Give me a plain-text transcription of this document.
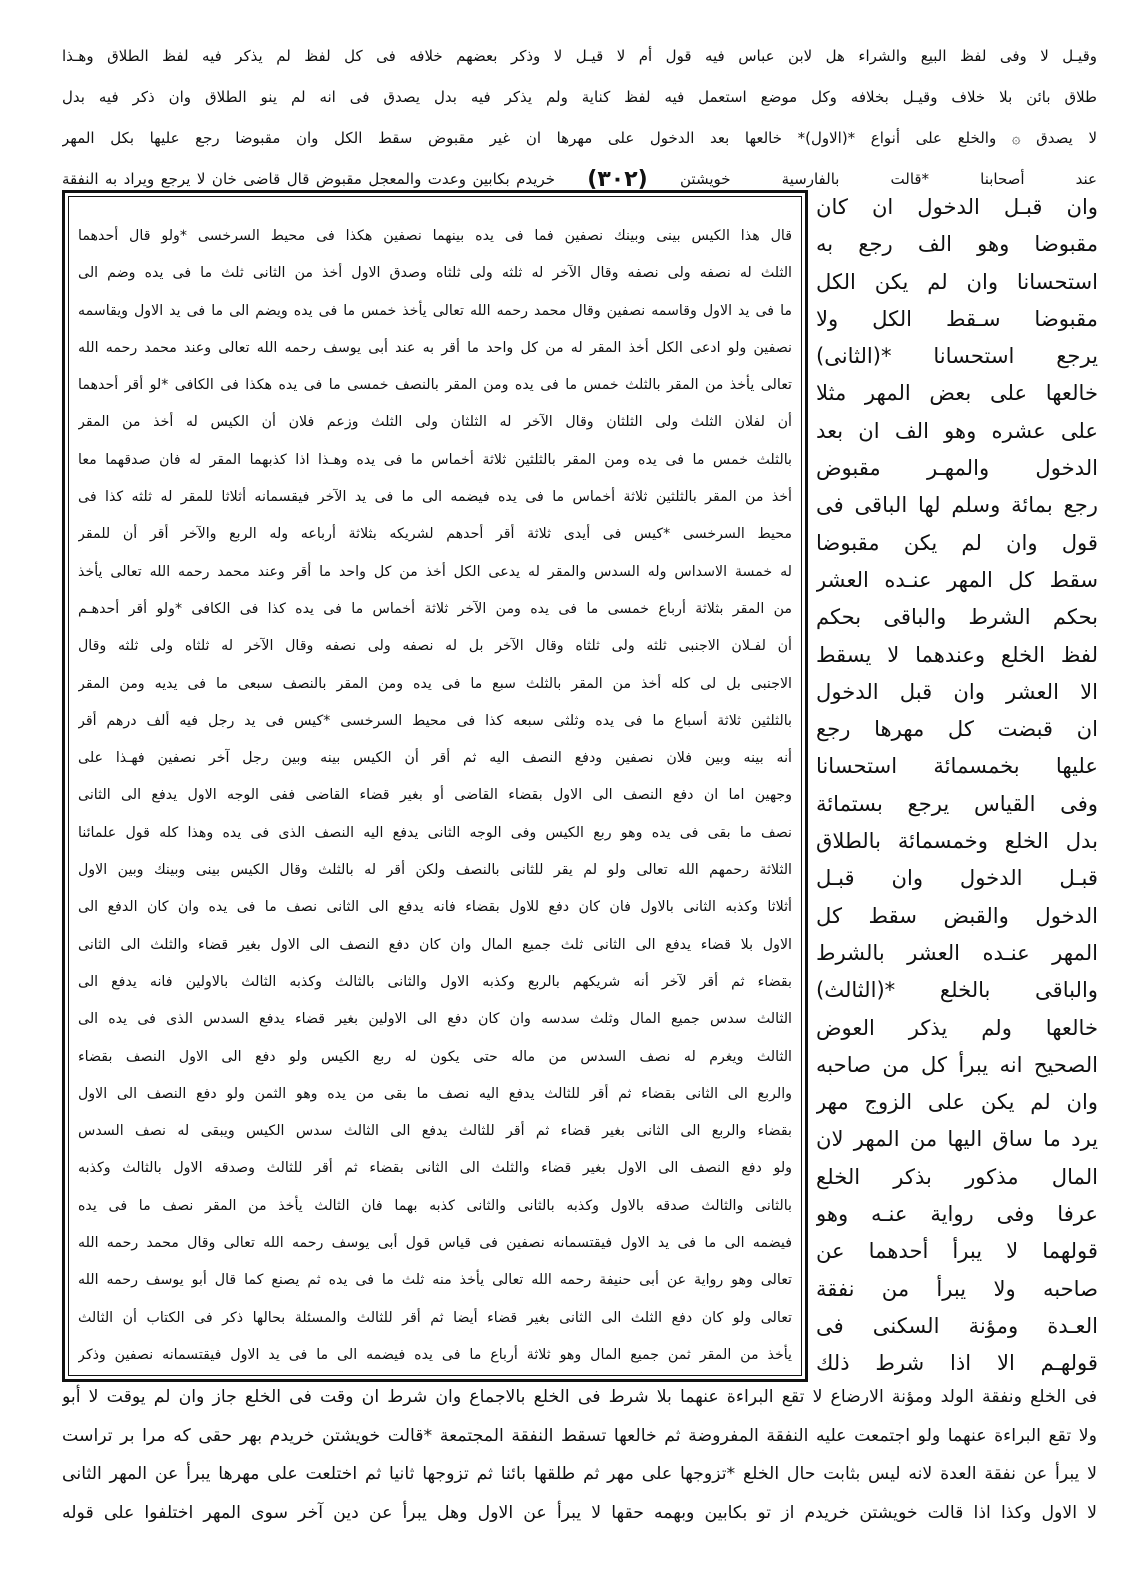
وقيـل لا وفى لفظ البيع والشراء هل لابن عباس فيه قول أم لا قيـل لا وذكر بعضهم خلافه فى كل لفظ لم يذكر فيه لفظ الطلاق وهـذا
طلاق بائن بلا خلاف وقيـل بخلافه وكل موضع استعمل فيه لفظ كناية ولم يذكر فيه بدل يصدق فى انه لم ينو الطلاق وان ذكر فيه بدل
لا يصدق ۞ والخلع على أنواع *(الاول)* خالعها بعد الدخول على مهرها ان غير مقبوض سقط الكل وان مقبوضا رجع عليها بكل المهر
عند أصحابنا *قالت بالفارسية خويشتن
(٣٠٢)
خريدم بكابين وعدت والمعجل مقبوض قال قاضى خان لا يرجع ويراد به النفقة
قال هذا الكيس بينى وبينك نصفين فما فى يده بينهما نصفين هكذا فى محيط السرخسى *ولو قال أحدهما
الثلث له نصفه ولى نصفه وقال الآخر له ثلثه ولى ثلثاه وصدق الاول أخذ من الثانى ثلث ما فى يده وضم الى
ما فى يد الاول وقاسمه نصفين وقال محمد رحمه الله تعالى يأخذ خمس ما فى يده ويضم الى ما فى يد الاول ويقاسمه
نصفين ولو ادعى الكل أخذ المقر له من كل واحد ما أقر به عند أبى يوسف رحمه الله تعالى وعند محمد رحمه الله
تعالى يأخذ من المقر بالثلث خمس ما فى يده ومن المقر بالنصف خمسى ما فى يده هكذا فى الكافى *لو أقر أحدهما
أن لفلان الثلث ولى الثلثان وقال الآخر له الثلثان ولى الثلث وزعم فلان أن الكيس له أخذ من المقر
بالثلث خمس ما فى يده ومن المقر بالثلثين ثلاثة أخماس ما فى يده وهـذا اذا كذبهما المقر له فان صدقهما معا
أخذ من المقر بالثلثين ثلاثة أخماس ما فى يده فيضمه الى ما فى يد الآخر فيقسمانه أثلاثا للمقر له ثلثه كذا فى
محيط السرخسى *كيس فى أيدى ثلاثة أقر أحدهم لشريكه بثلاثة أرباعه وله الربع والآخر أقر أن للمقر
له خمسة الاسداس وله السدس والمقر له يدعى الكل أخذ من كل واحد ما أقر وعند محمد رحمه الله تعالى يأخذ
من المقر بثلاثة أرباع خمسى ما فى يده ومن الآخر ثلاثة أخماس ما فى يده كذا فى الكافى *ولو أقر أحدهـم
أن لفـلان الاجنبى ثلثه ولى ثلثاه وقال الآخر بل له نصفه ولى نصفه وقال الآخر له ثلثاه ولى ثلثه وقال
الاجنبى بل لى كله أخذ من المقر بالثلث سبع ما فى يده ومن المقر بالنصف سبعى ما فى يديه ومن المقر
بالثلثين ثلاثة أسباع ما فى يده وثلثى سبعه كذا فى محيط السرخسى *كيس فى يد رجل فيه ألف درهم أقر
أنه بينه وبين فلان نصفين ودفع النصف اليه ثم أقر أن الكيس بينه وبين رجل آخر نصفين فهـذا على
وجهين اما ان دفع النصف الى الاول بقضاء القاضى أو بغير قضاء القاضى ففى الوجه الاول يدفع الى الثانى
نصف ما بقى فى يده وهو ربع الكيس وفى الوجه الثانى يدفع اليه النصف الذى فى يده وهذا كله قول علمائنا
الثلاثة رحمهم الله تعالى ولو لم يقر للثانى بالنصف ولكن أقر له بالثلث وقال الكيس بينى وبينك وبين الاول
أثلاثا وكذبه الثانى بالاول فان كان دفع للاول بقضاء فانه يدفع الى الثانى نصف ما فى يده وان كان الدفع الى
الاول بلا قضاء يدفع الى الثانى ثلث جميع المال وان كان دفع النصف الى الاول بغير قضاء والثلث الى الثانى
بقضاء ثم أقر لآخر أنه شريكهم بالربع وكذبه الاول والثانى بالثالث وكذبه الثالث بالاولين فانه يدفع الى
الثالث سدس جميع المال وثلث سدسه وان كان دفع الى الاولين بغير قضاء يدفع السدس الذى فى يده الى
الثالث ويغرم له نصف السدس من ماله حتى يكون له ربع الكيس ولو دفع الى الاول النصف بقضاء
والربع الى الثانى بقضاء ثم أقر للثالث يدفع اليه نصف ما بقى من يده وهو الثمن ولو دفع النصف الى الاول
بقضاء والربع الى الثانى بغير قضاء ثم أقر للثالث يدفع الى الثالث سدس الكيس ويبقى له نصف السدس
ولو دفع النصف الى الاول بغير قضاء والثلث الى الثانى بقضاء ثم أقر للثالث وصدقه الاول بالثالث وكذبه
بالثانى والثالث صدقه بالاول وكذبه بالثانى والثانى كذبه بهما فان الثالث يأخذ من المقر نصف ما فى يده
فيضمه الى ما فى يد الاول فيقتسمانه نصفين فى قياس قول أبى يوسف رحمه الله تعالى وقال محمد رحمه الله
تعالى وهو رواية عن أبى حنيفة رحمه الله تعالى يأخذ منه ثلث ما فى يده ثم يصنع كما قال أبو يوسف رحمه الله
تعالى ولو كان دفع الثلث الى الثانى بغير قضاء أيضا ثم أقر للثالث والمسئلة بحالها ذكر فى الكتاب أن الثالث
يأخذ من المقر ثمن جميع المال وهو ثلاثة أرباع ما فى يده فيضمه الى ما فى يد الاول فيقتسمانه نصفين وذكر
وان قبـل الدخول ان كان
مقبوضا وهو الف رجع به
استحسانا وان لم يكن الكل
مقبوضا سـقط الكل ولا
يرجع استحسانا *(الثانى)
خالعها على بعض المهر مثلا
على عشره وهو الف ان بعد
الدخول والمهـر مقبوض
رجع بمائة وسلم لها الباقى فى
قول وان لم يكن مقبوضا
سقط كل المهر عنـده العشر
بحكم الشرط والباقى بحكم
لفظ الخلع وعندهما لا يسقط
الا العشر وان قبل الدخول
ان قبضت كل مهرها رجع
عليها بخمسمائة استحسانا
وفى القياس يرجع بستمائة
بدل الخلع وخمسمائة بالطلاق
قبـل الدخول وان قبـل
الدخول والقبض سقط كل
المهر عنـده العشر بالشرط
والباقى بالخلع *(الثالث)
خالعها ولم يذكر العوض
الصحيح انه يبرأ كل من صاحبه
وان لم يكن على الزوج مهر
يرد ما ساق اليها من المهر لان
المال مذكور بذكر الخلع
عرفا وفى رواية عنـه وهو
قولهما لا يبرأ أحدهما عن
صاحبه ولا يبرأ من نفقة
العـدة ومؤنة السكنى فى
قولهـم الا اذا شرط ذلك
فى الخلع ونفقة الولد ومؤنة الارضاع لا تقع البراءة عنهما بلا شرط فى الخلع بالاجماع وان شرط ان وقت فى الخلع جاز وان لم يوقت لا أبو
ولا تقع البراءة عنهما ولو اجتمعت عليه النفقة المفروضة ثم خالعها تسقط النفقة المجتمعة *قالت خويشتن خريدم بهر حقى كه مرا بر تراست
لا يبرأ عن نفقة العدة لانه ليس بثابت حال الخلع *تزوجها على مهر ثم طلقها بائنا ثم تزوجها ثانيا ثم اختلعت على مهرها يبرأ عن المهر الثانى
لا الاول وكذا اذا قالت خويشتن خريدم از تو بكابين وبهمه حقها لا يبرأ عن الاول وهل يبرأ عن دين آخر سوى المهر اختلفوا على قوله
